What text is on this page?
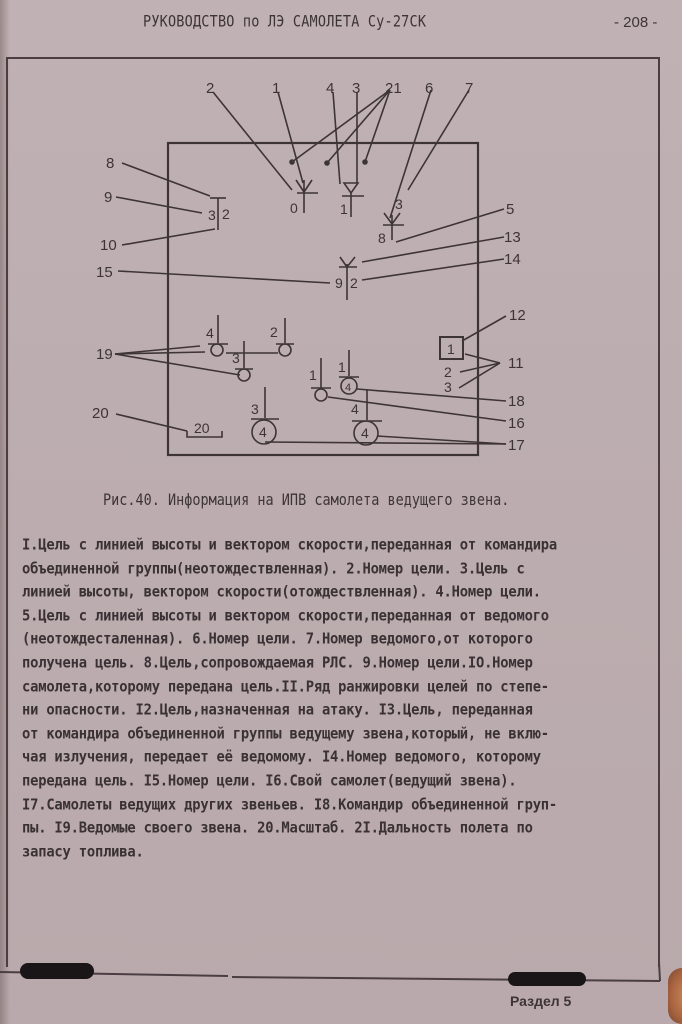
РУКОВОДСТВО по ЛЭ САМОЛЕТА Су-27СК	- 208 -
2	1	4 3 21 6 7
8
9
10
15
19
20
5
13
14
12
11
18
16
17
0	1	3
8
3 2
9 2
4	2
3
1 1
4
3
4
4
4
1
2
3
20
Рис.40. Информация на ИПВ самолета ведущего звена.
I.Цель с линией высоты и вектором скорости,переданная от командира
объединенной группы(неотождествленная). 2.Номер цели. 3.Цель с
линией высоты, вектором скорости(отождествленная). 4.Номер цели.
5.Цель с линией высоты и вектором скорости,переданная от ведомого
(неотождесталенная). 6.Номер цели. 7.Номер ведомого,от которого
получена цель. 8.Цель,сопровождаемая РЛС. 9.Номер цели.IO.Номер
самолета,которому передана цель.II.Ряд ранжировки целей по степе-
ни опасности. I2.Цель,назначенная на атаку. I3.Цель, переданная
от командира объединенной группы ведущему звена,который, не вклю-
чая излучения, передает её ведомому. I4.Номер ведомого, которому
передана цель. I5.Номер цели. I6.Свой самолет(ведущий звена).
I7.Самолеты ведущих других звеньев. I8.Командир объединенной груп-
пы. I9.Ведомые своего звена. 20.Масштаб. 2I.Дальность полета по
запасу топлива.
Раздел 5
